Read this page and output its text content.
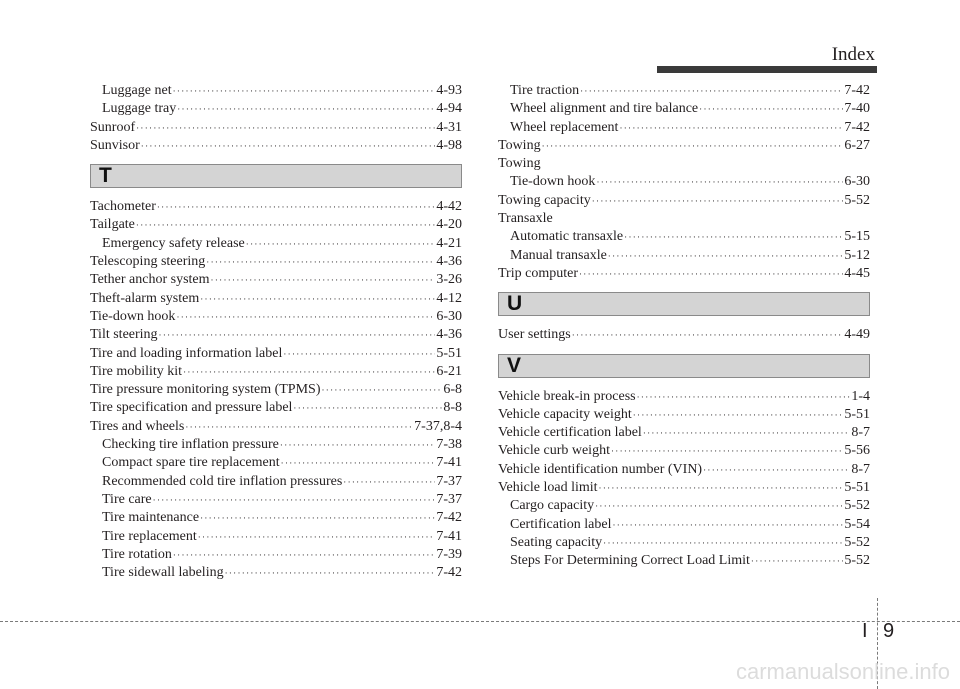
Index
Luggage net ·····	4-93
Luggage tray ·····	4-94
Sunroof ·····	4-31
Sunvisor ·····	4-98
T
Tachometer ·····	4-42
Tailgate ·····	4-20
Emergency safety release ·····	4-21
Telescoping steering ·····	4-36
Tether anchor system ·····	3-26
Theft-alarm system ·····	4-12
Tie-down hook ·····	6-30
Tilt steering ·····	4-36
Tire and loading information label ·····	5-51
Tire mobility kit ·····	6-21
Tire pressure monitoring system (TPMS) ·····	6-8
Tire specification and pressure label ·····	8-8
Tires and wheels ·····	7-37,8-4
Checking tire inflation pressure ·····	7-38
Compact spare tire replacement ·····	7-41
Recommended cold tire inflation pressures ·····	7-37
Tire care ·····	7-37
Tire maintenance ·····	7-42
Tire replacement ·····	7-41
Tire rotation ·····	7-39
Tire sidewall labeling ·····	7-42
Tire traction ·····	7-42
Wheel alignment and tire balance ·····	7-40
Wheel replacement ·····	7-42
Towing ·····	6-27
Towing
Tie-down hook ·····	6-30
Towing capacity ·····	5-52
Transaxle
Automatic transaxle ·····	5-15
Manual transaxle ·····	5-12
Trip computer ·····	4-45
U
User settings ·····	4-49
V
Vehicle break-in process ·····	1-4
Vehicle capacity weight ·····	5-51
Vehicle certification label ·····	8-7
Vehicle curb weight ·····	5-56
Vehicle identification number (VIN) ·····	8-7
Vehicle load limit ·····	5-51
Cargo capacity ·····	5-52
Certification label ·····	5-54
Seating capacity ·····	5-52
Steps For Determining Correct Load Limit ·····	5-52
I 9
carmanualsonline.info
